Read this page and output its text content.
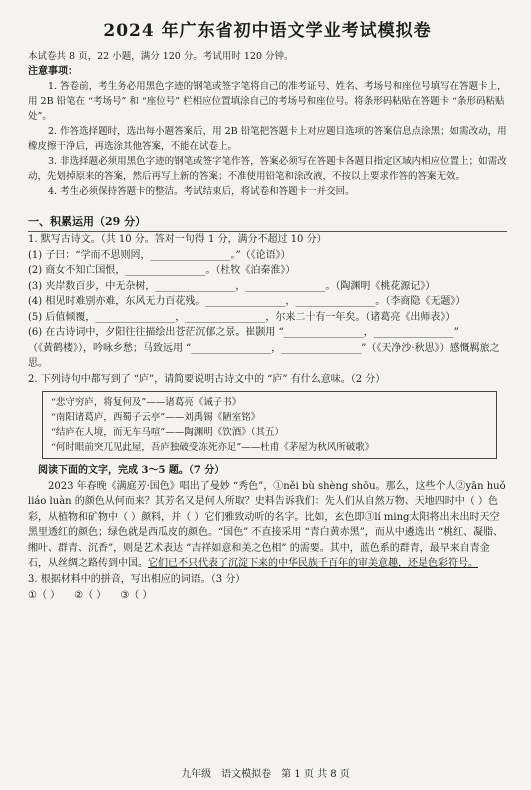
2024 年广东省初中语文学业考试模拟卷
本试卷共 8 页，22 小题，满分 120 分。考试用时 120 分钟。
注意事项：
1. 答卷前，考生务必用黑色字迹的钢笔或签字笔将自己的准考证号、姓名、考场号和座位号填写在答题卡上，用 2B 铅笔在 “考场号” 和 “座位号” 栏相应位置填涂自己的考场号和座位号。将条形码粘贴在答题卡 “条形码粘贴处”。
2. 作答选择题时，选出每小题答案后，用 2B 铅笔把答题卡上对应题目选项的答案信息点涂黑；如需改动，用橡皮擦干净后，再选涂其他答案，不能在试卷上。
3. 非选择题必须用黑色字迹的钢笔或签字笔作答，答案必须写在答题卡各题目指定区域内相应位置上；如需改动，先划掉原来的答案，然后再写上新的答案；不准使用铅笔和涂改液，不按以上要求作答的答案无效。
4. 考生必须保持答题卡的整洁。考试结束后，将试卷和答题卡一并交回。
一、积累运用（29 分）
1. 默写古诗文。（共 10 分。答对一句得 1 分，满分不超过 10 分）
(1) 子曰：“学而不思则罔，________________。”（《论语》）
(2) 商女不知亡国恨，________________。（杜牧《泊秦淮》）
(3) 夹岸数百步，中无杂树，________________，________________。（陶渊明《桃花源记》）
(4) 相见时难别亦难，东风无力百花残。________________，________________。（李商隐《无题》）
(5) 后值倾覆，________________，________________，尔来二十有一年矣。（诸葛亮《出师表》）
(6) 在古诗词中，夕阳往往描绘出苍茫沉郁之景。崔颢用 “________________，________________”
（《黄鹤楼》），吟咏乡愁；马致远用 “________________，________________”（《天净沙·秋思》）感慨羁旅之思。
2. 下列诗句中都写到了 “庐”，请简要说明古诗文中的 “庐” 有什么意味。（2 分）
“悲守穷庐，将复何及”——诸葛亮《诫子书》
“南阳诸葛庐，西蜀子云亭”——刘禹锡《陋室铭》
“结庐在人境，而无车马喧”——陶渊明《饮酒》（其五）
“何时眼前突兀见此屋，吾庐独破受冻死亦足”——杜甫《茅屋为秋风所破歌》
阅读下面的文字，完成 3～5 题。（7 分）
2023 年春晚《满庭芳·国色》唱出了曼妙 “秀色”，①něi bù shèng shōu。那么，这些个人②yān huǒ liáo luàn 的颜色从何而来？其芳名又是何人所取？史料告诉我们：先人们从自然万物、天地四时中（ ）色彩，从植物和矿物中（ ）颜料，并（ ）它们雅致动听的名字。比如，玄色即③lí ming太阳将出未出时天空黑里透红的颜色；绿色就是西瓜皮的颜色。“国色” 不直接采用 “青白黄赤黑”，而从中遴选出 “桃红、凝脂、缃叶、群青、沉香”，则是艺术表达 “吉祥如意和美之色相” 的需要。其中，蓝色系的群青，最早来自青金石，从丝绸之路传到中国。它们已不只代表了沉淀下来的中华民族千百年的审美意趣，还是色彩符号。
3. 根据材料中的拼音，写出相应的词语。（3 分）
①（ ） ②（ ） ③（ ）
九年级　语文模拟卷　第 1 页 共 8 页
